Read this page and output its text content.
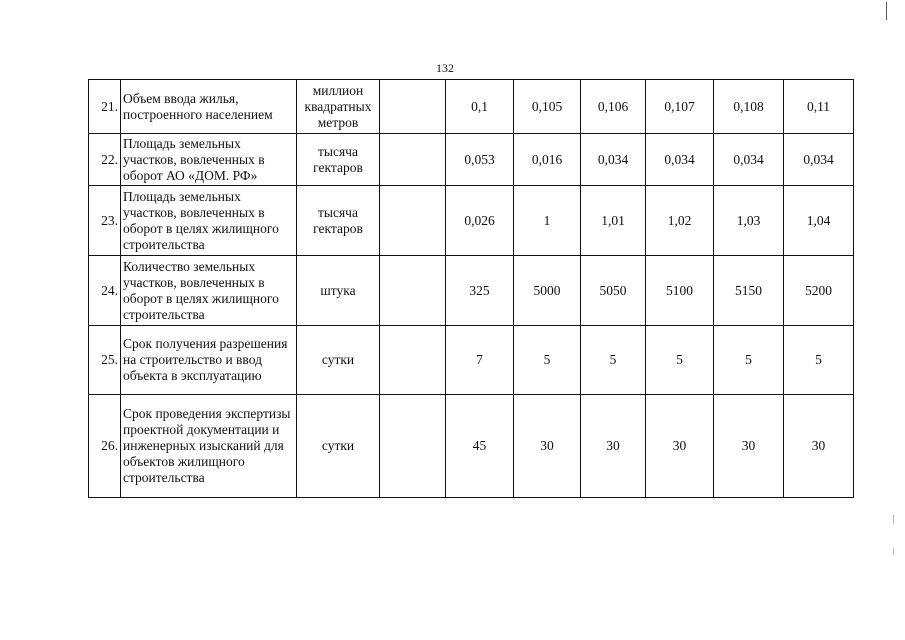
132
21.	Объем ввода жилья, построенного населением	миллион квадратных метров		0,1	0,105	0,106	0,107	0,108	0,11
22.	Площадь земельных участков, вовлеченных в оборот АО «ДОМ. РФ»	тысяча гектаров		0,053	0,016	0,034	0,034	0,034	0,034
23.	Площадь земельных участков, вовлеченных в оборот в целях жилищного строительства	тысяча гектаров		0,026	1	1,01	1,02	1,03	1,04
24.	Количество земельных участков, вовлеченных в оборот в целях жилищного строительства	штука		325	5000	5050	5100	5150	5200
25.	Срок получения разрешения на строительство и ввод объекта в эксплуатацию	сутки		7	5	5	5	5	5
26.	Срок проведения экспертизы проектной документации и инженерных изысканий для объектов жилищного строительства	сутки		45	30	30	30	30	30
